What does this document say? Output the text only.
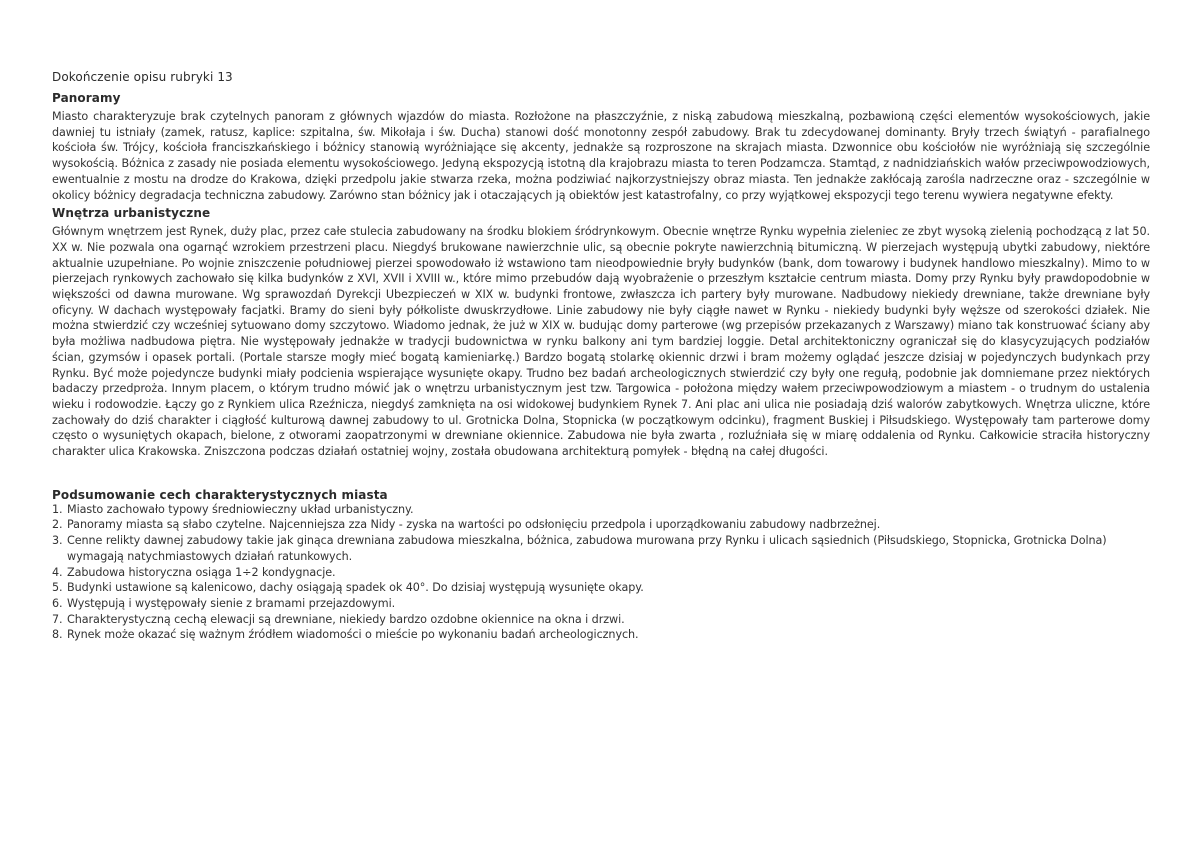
Dokończenie opisu rubryki 13

Panoramy

Miasto charakteryzuje brak czytelnych panoram z głównych wjazdów do miasta. Rozłożone na płaszczyźnie, z niską zabudową mieszkalną, pozbawioną części elementów wysokościowych, jakie dawniej tu istniały (zamek, ratusz, kaplice: szpitalna, św. Mikołaja i św. Ducha) stanowi dość monotonny zespół zabudowy. Brak tu zdecydowanej dominanty. Bryły trzech świątyń - parafialnego kościoła św. Trójcy, kościoła franciszkańskiego i bóżnicy stanowią wyróżniające się akcenty, jednakże są rozproszone na skrajach miasta. Dzwonnice obu kościołów nie wyróżniają się szczególnie wysokością. Bóżnica z zasady nie posiada elementu wysokościowego. Jedyną ekspozycją istotną dla krajobrazu miasta to teren Podzamcza. Stamtąd, z nadnidziańskich wałów przeciwpowodziowych, ewentualnie z mostu na drodze do Krakowa, dzięki przedpolu jakie stwarza rzeka, można podziwiać najkorzystniejszy obraz miasta. Ten jednakże zakłócają zarośla nadrzeczne oraz - szczególnie w okolicy bóżnicy degradacja techniczna zabudowy. Zarówno stan bóżnicy jak i otaczających ją obiektów jest katastrofalny, co przy wyjątkowej ekspozycji tego terenu wywiera negatywne efekty.

Wnętrza urbanistyczne

Głównym wnętrzem jest Rynek, duży plac, przez całe stulecia zabudowany na środku blokiem śródrynkowym. Obecnie wnętrze Rynku wypełnia zieleniec ze zbyt wysoką zielenią pochodzącą z lat 50. XX w. Nie pozwala ona ogarnąć wzrokiem przestrzeni placu. Niegdyś brukowane nawierzchnie ulic, są obecnie pokryte nawierzchnią bitumiczną. W pierzejach występują ubytki zabudowy, niektóre aktualnie uzupełniane. Po wojnie zniszczenie południowej pierzei spowodowało iż wstawiono tam nieodpowiednie bryły budynków (bank, dom towarowy i budynek handlowo mieszkalny). Mimo to w pierzejach rynkowych zachowało się kilka budynków z XVI, XVII i XVIII w., które mimo przebudów dają wyobrażenie o przeszłym kształcie centrum miasta. Domy przy Rynku były prawdopodobnie w większości od dawna murowane. Wg sprawozdań Dyrekcji Ubezpieczeń w XIX w. budynki frontowe, zwłaszcza ich partery były murowane. Nadbudowy niekiedy drewniane, także drewniane były oficyny. W dachach występowały facjatki. Bramy do sieni były półkoliste dwuskrzydłowe. Linie zabudowy nie były ciągłe nawet w Rynku - niekiedy budynki były węższe od szerokości działek. Nie można stwierdzić czy wcześniej sytuowano domy szczytowo. Wiadomo jednak, że już w XIX w. budując domy parterowe (wg przepisów przekazanych z Warszawy) miano tak konstruować ściany aby była możliwa nadbudowa piętra. Nie występowały jednakże w tradycji budownictwa w rynku balkony ani tym bardziej loggie. Detal architektoniczny ograniczał się do klasycyzujących podziałów ścian, gzymsów i opasek portali. (Portale starsze mogły mieć bogatą kamieniarkę.) Bardzo bogatą stolarkę okiennic drzwi i bram możemy oglądać jeszcze dzisiaj w pojedynczych budynkach przy Rynku. Być może pojedyncze budynki miały podcienia wspierające wysunięte okapy. Trudno bez badań archeologicznych stwierdzić czy były one regułą, podobnie jak domniemane przez niektórych badaczy przedproża. Innym placem, o którym trudno mówić jak o wnętrzu urbanistycznym jest tzw. Targowica - położona między wałem przeciwpowodziowym a miastem - o trudnym do ustalenia wieku i rodowodzie. Łączy go z Rynkiem ulica Rzeźnicza, niegdyś zamknięta na osi widokowej budynkiem Rynek 7. Ani plac ani ulica nie posiadają dziś walorów zabytkowych. Wnętrza uliczne, które zachowały do dziś charakter i ciągłość kulturową dawnej zabudowy to ul. Grotnicka Dolna, Stopnicka (w początkowym odcinku), fragment Buskiej i Piłsudskiego. Występowały tam parterowe domy często o wysuniętych okapach, bielone, z otworami zaopatrzonymi w drewniane okiennice. Zabudowa nie była zwarta , rozluźniała się w miarę oddalenia od Rynku. Całkowicie straciła historyczny charakter ulica Krakowska. Zniszczona podczas działań ostatniej wojny, została obudowana architekturą pomyłek - błędną na całej długości.

Podsumowanie cech charakterystycznych miasta

1. Miasto zachowało typowy średniowieczny układ urbanistyczny.
2. Panoramy miasta są słabo czytelne. Najcenniejsza zza Nidy - zyska na wartości po odsłonięciu przedpola i uporządkowaniu zabudowy nadbrzeżnej.
3. Cenne relikty dawnej zabudowy takie jak ginąca drewniana zabudowa mieszkalna, bóżnica, zabudowa murowana przy Rynku i ulicach sąsiednich (Piłsudskiego, Stopnicka, Grotnicka Dolna) wymagają natychmiastowych działań ratunkowych.
4. Zabudowa historyczna osiąga 1÷2 kondygnacje.
5. Budynki ustawione są kalenicowo, dachy osiągają spadek ok 40°. Do dzisiaj występują wysunięte okapy.
6. Występują i występowały sienie z bramami przejazdowymi.
7. Charakterystyczną cechą elewacji są drewniane, niekiedy bardzo ozdobne okiennice na okna i drzwi.
8. Rynek może okazać się ważnym źródłem wiadomości o mieście po wykonaniu badań archeologicznych.
